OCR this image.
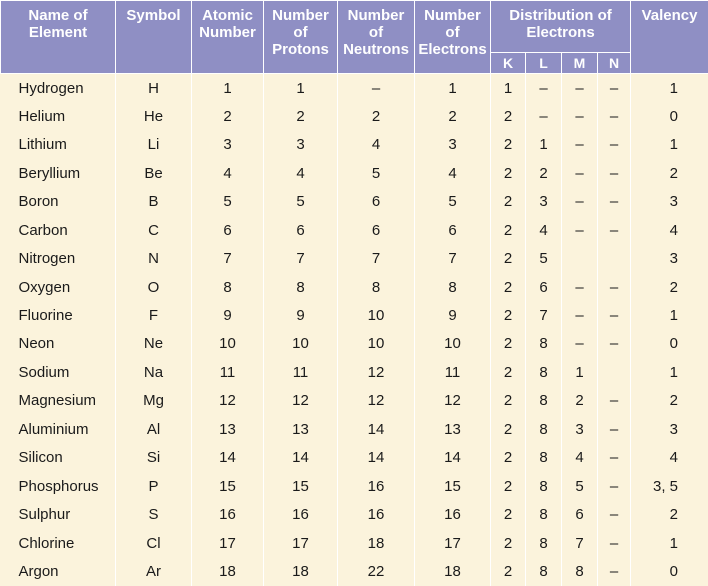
Name of Element	Symbol	Atomic Number	Number of Protons	Number of Neutrons	Number of Electrons	Distribution of Electrons				Valency
						K	L	M	N	
Hydrogen	H	1	1	–	1	1	–	–	–	1
Helium	He	2	2	2	2	2	–	–	–	0
Lithium	Li	3	3	4	3	2	1	–	–	1
Beryllium	Be	4	4	5	4	2	2	–	–	2
Boron	B	5	5	6	5	2	3	–	–	3
Carbon	C	6	6	6	6	2	4	–	–	4
Nitrogen	N	7	7	7	7	2	5			3
Oxygen	O	8	8	8	8	2	6	–	–	2
Fluorine	F	9	9	10	9	2	7	–	–	1
Neon	Ne	10	10	10	10	2	8	–	–	0
Sodium	Na	11	11	12	11	2	8	1		1
Magnesium	Mg	12	12	12	12	2	8	2	–	2
Aluminium	Al	13	13	14	13	2	8	3	–	3
Silicon	Si	14	14	14	14	2	8	4	–	4
Phosphorus	P	15	15	16	15	2	8	5	–	3, 5
Sulphur	S	16	16	16	16	2	8	6	–	2
Chlorine	Cl	17	17	18	17	2	8	7	–	1
Argon	Ar	18	18	22	18	2	8	8	–	0
